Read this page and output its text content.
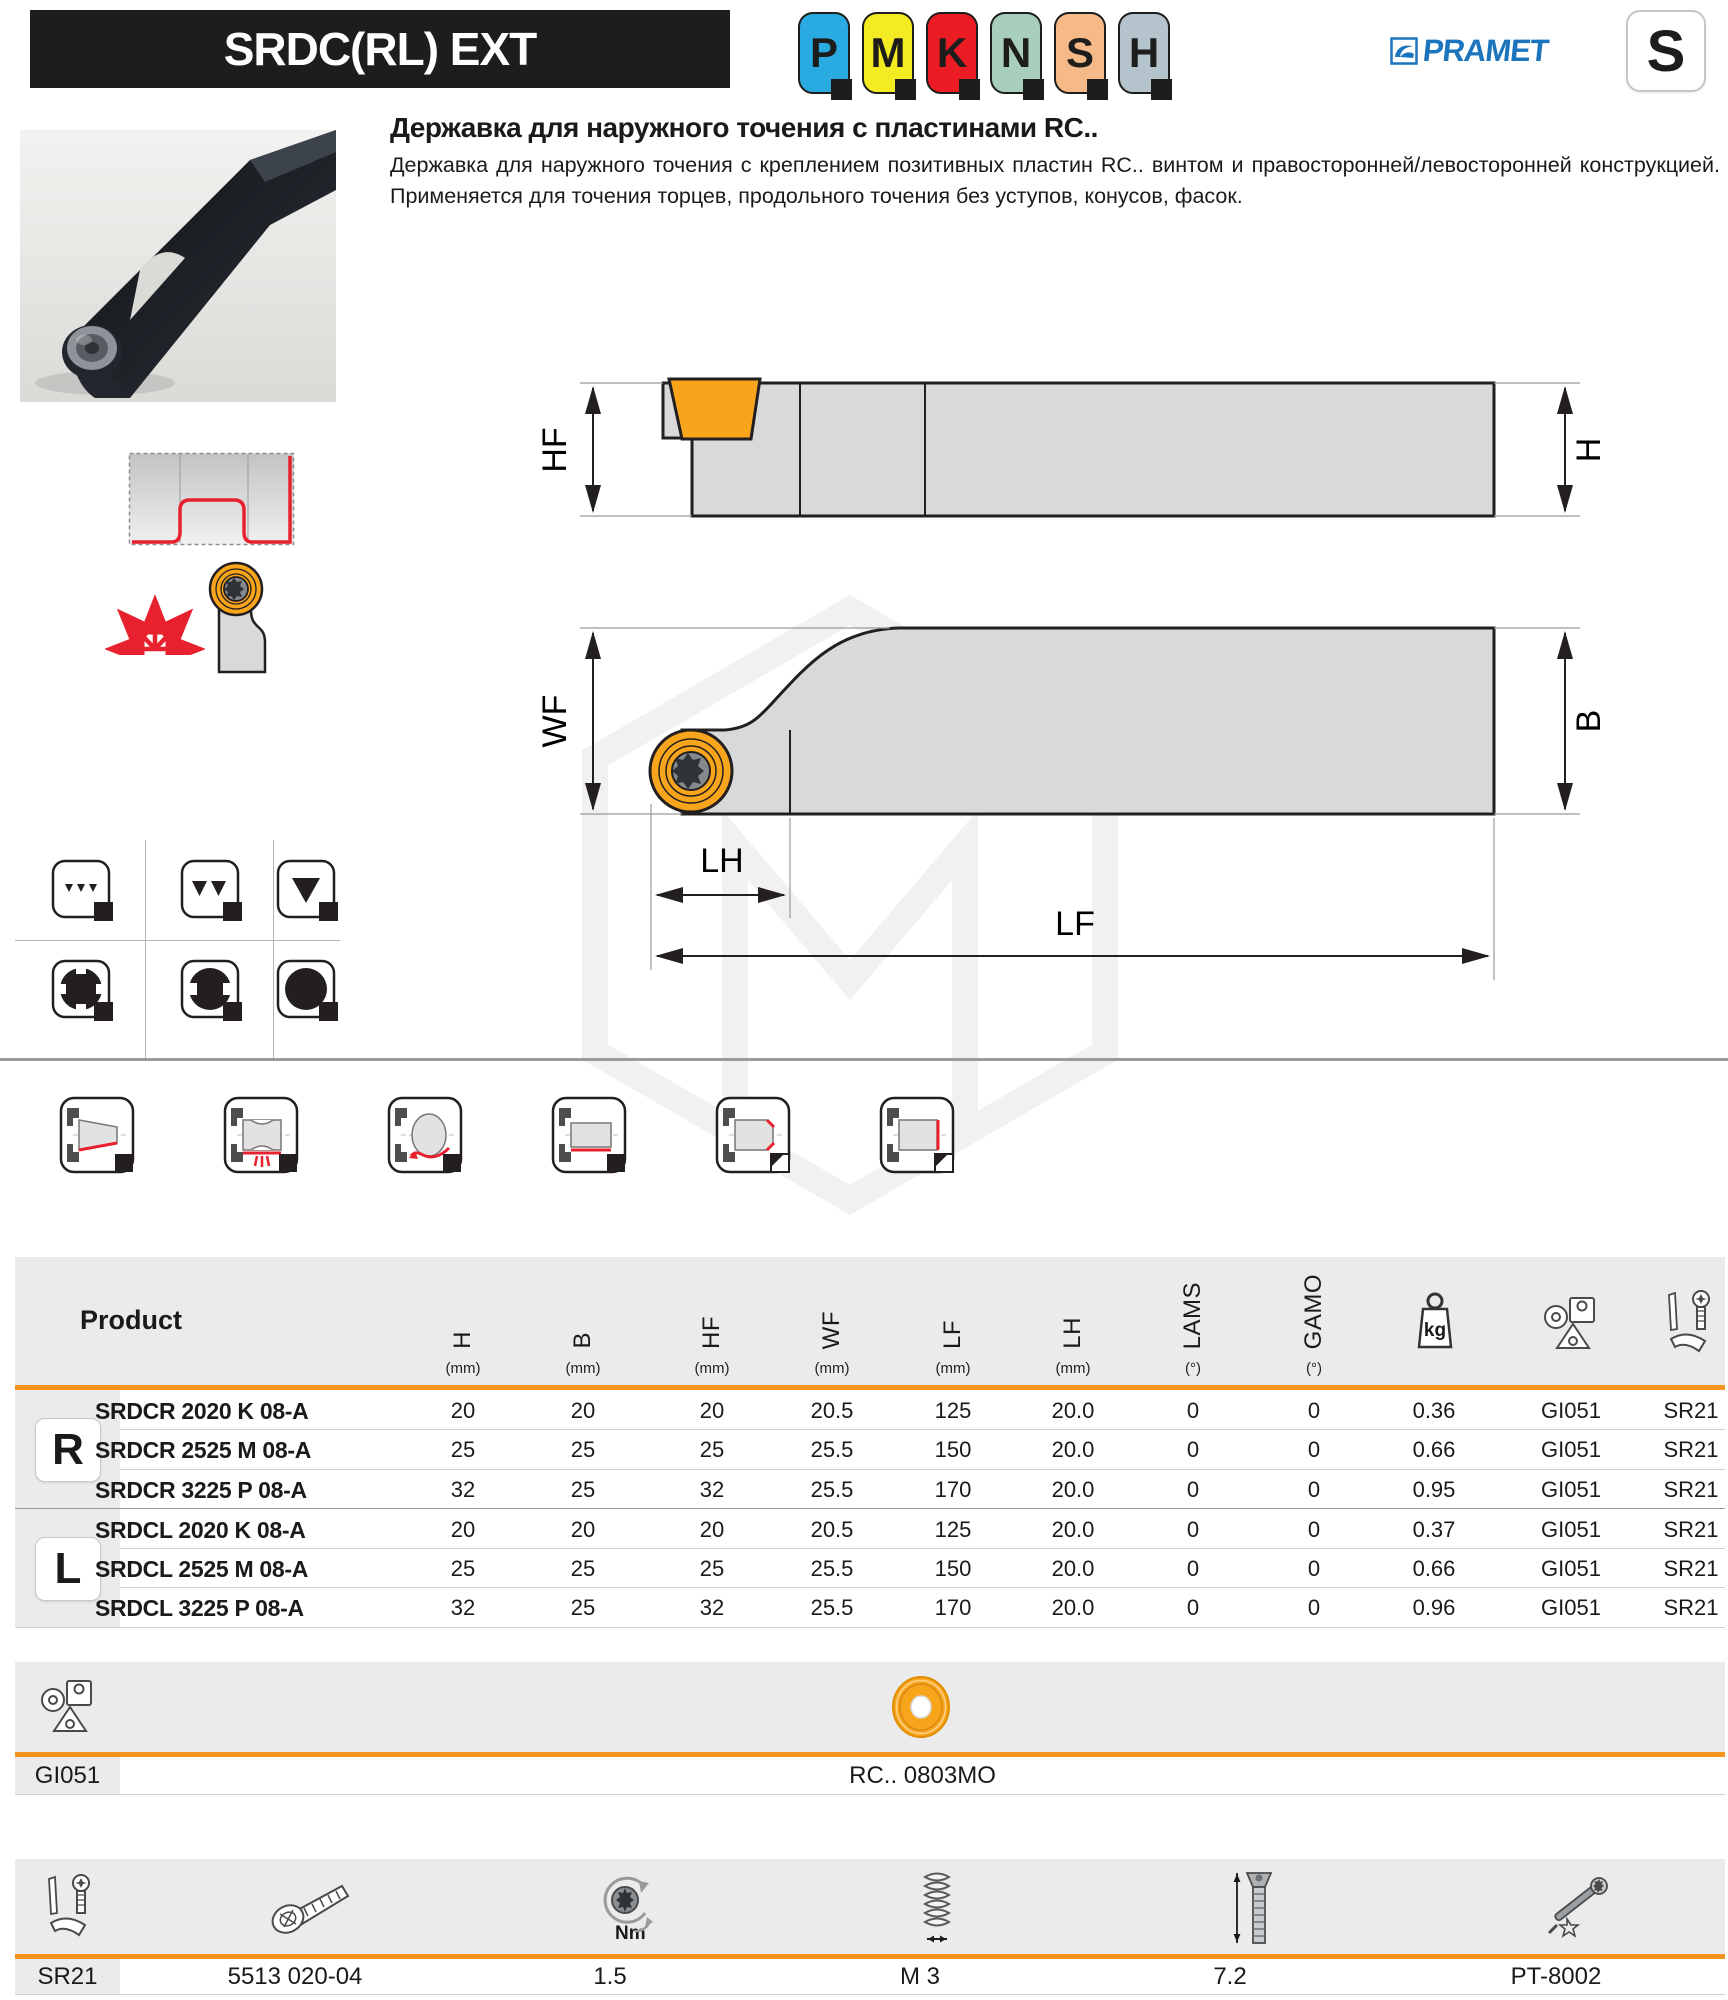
SRDC(RL) EXT	P M K N S H	PRAMET	S
Державка для наружного точения с пластинами RC..
Державка для наружного точения с креплением позитивных пластин RC.. винтом и правосторонней/левосторонней конструкцией. Применяется для точения торцев, продольного точения без уступов, конусов, фасок.
HF	H
WF	B
LH
LF
Product
H	B	HF	WF	LF	LH	LAMS	GAMO
(mm)	(mm)	(mm)	(mm)	(mm)	(mm)	(°)	(°)
kg
R
L
SRDCR 2020 K 08-A	20	20	20	20.5	125	20.0	0	0	0.36	GI051	SR21
SRDCR 2525 M 08-A	25	25	25	25.5	150	20.0	0	0	0.66	GI051	SR21
SRDCR 3225 P 08-A	32	25	32	25.5	170	20.0	0	0	0.95	GI051	SR21
SRDCL 2020 K 08-A	20	20	20	20.5	125	20.0	0	0	0.37	GI051	SR21
SRDCL 2525 M 08-A	25	25	25	25.5	150	20.0	0	0	0.66	GI051	SR21
SRDCL 3225 P 08-A	32	25	32	25.5	170	20.0	0	0	0.96	GI051	SR21
GI051	RC.. 0803MO
Nm
SR21	5513 020-04	1.5	M 3	7.2	PT-8002
